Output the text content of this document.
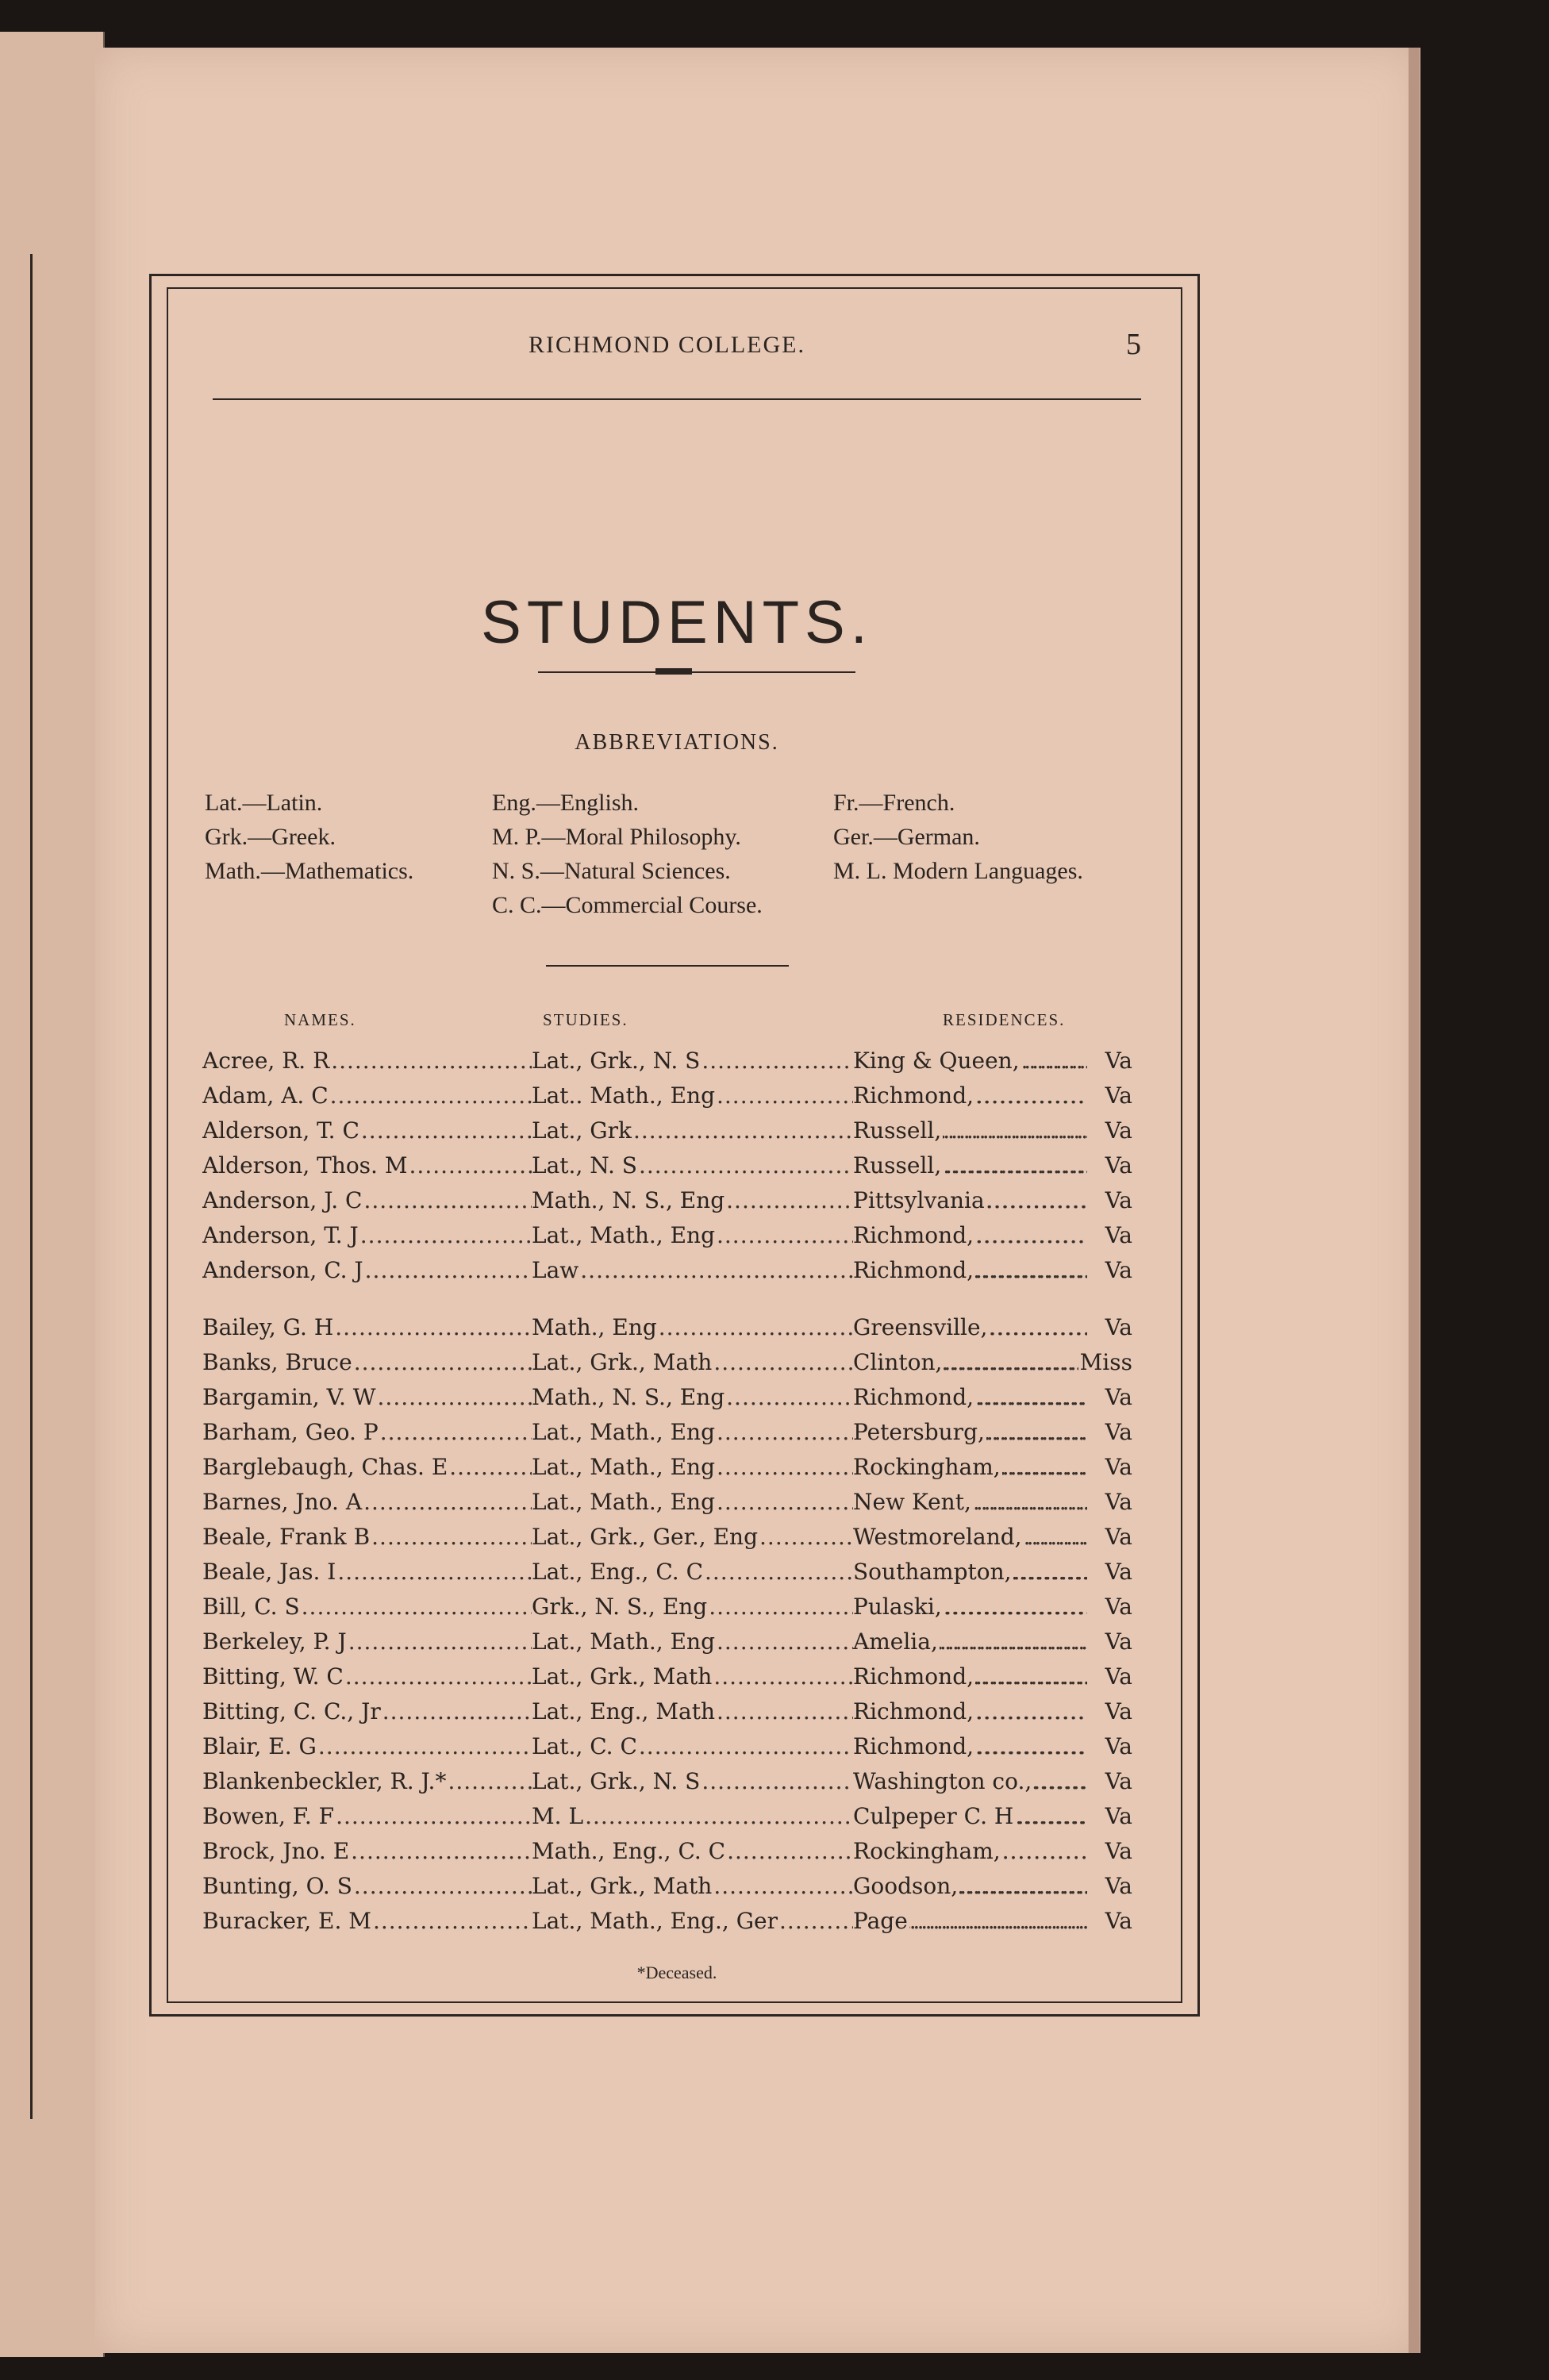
RICHMOND COLLEGE.	5
STUDENTS.
ABBREVIATIONS.
Lat.—Latin.
Grk.—Greek.
Math.—Mathematics.
Eng.—English.
M. P.—Moral Philosophy.
N. S.—Natural Sciences.
C. C.—Commercial Course.
Fr.—French.
Ger.—German.
M. L. Modern Languages.
NAMES.	STUDIES.	RESIDENCES.
Acree, R. R .....	Lat., Grk., N. S .....	King & Queen, .....	Va
Adam, A. C .....	Lat.. Math., Eng .....	Richmond, .....	Va
Alderson, T. C .....	Lat., Grk .....	Russell, .....	Va
Alderson, Thos. M .....	Lat., N. S .....	Russell, .....	Va
Anderson, J. C .....	Math., N. S., Eng .....	Pittsylvania .....	Va
Anderson, T. J .....	Lat., Math., Eng .....	Richmond, .....	Va
Anderson, C. J .....	Law .....	Richmond, .....	Va
Bailey, G. H .....	Math., Eng .....	Greensville, .....	Va
Banks, Bruce .....	Lat., Grk., Math .....	Clinton, .....	Miss
Bargamin, V. W .....	Math., N. S., Eng .....	Richmond, .....	Va
Barham, Geo. P .....	Lat., Math., Eng .....	Petersburg, .....	Va
Barglebaugh, Chas. E .....	Lat., Math., Eng .....	Rockingham, .....	Va
Barnes, Jno. A .....	Lat., Math., Eng .....	New Kent, .....	Va
Beale, Frank B .....	Lat., Grk., Ger., Eng .....	Westmoreland, .....	Va
Beale, Jas. I .....	Lat., Eng., C. C .....	Southampton, .....	Va
Bill, C. S .....	Grk., N. S., Eng .....	Pulaski, .....	Va
Berkeley, P. J .....	Lat., Math., Eng .....	Amelia, .....	Va
Bitting, W. C .....	Lat., Grk., Math .....	Richmond, .....	Va
Bitting, C. C., Jr .....	Lat., Eng., Math .....	Richmond, .....	Va
Blair, E. G .....	Lat., C. C .....	Richmond, .....	Va
Blankenbeckler, R. J.* .....	Lat., Grk., N. S .....	Washington co., .....	Va
Bowen, F. F .....	M. L .....	Culpeper C. H .....	Va
Brock, Jno. E .....	Math., Eng., C. C .....	Rockingham, .....	Va
Bunting, O. S .....	Lat., Grk., Math .....	Goodson, .....	Va
Buracker, E. M .....	Lat., Math., Eng., Ger .....	Page .....	Va
*Deceased.
